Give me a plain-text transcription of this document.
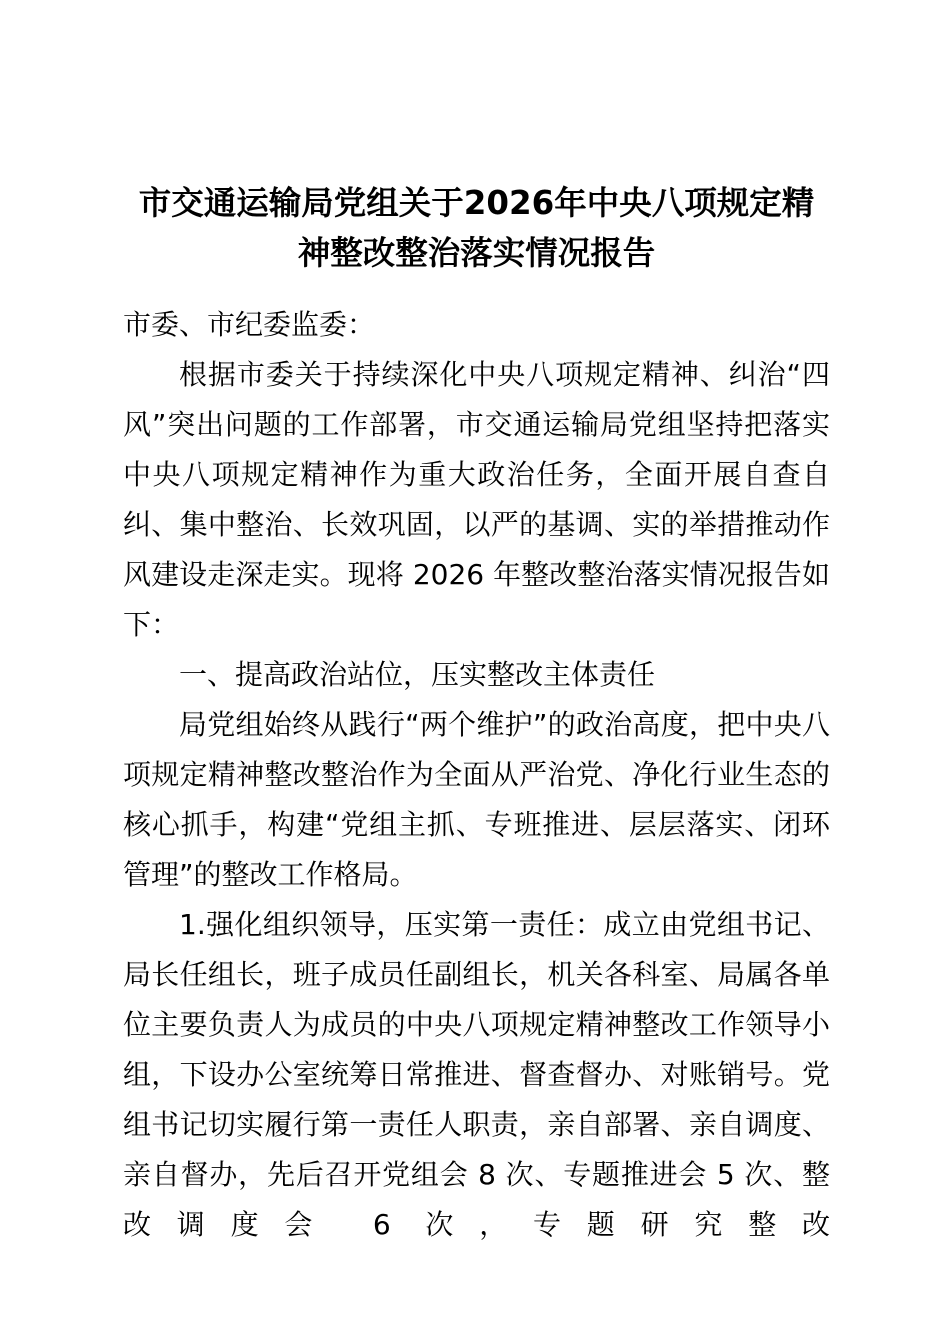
市交通运输局党组关于2026年中央八项规定精神整改整治落实情况报告
市委、市纪委监委：

根据市委关于持续深化中央八项规定精神、纠治“四风”突出问题的工作部署，市交通运输局党组坚持把落实中央八项规定精神作为重大政治任务，全面开展自查自纠、集中整治、长效巩固，以严的基调、实的举措推动作风建设走深走实。现将 2026 年整改整治落实情况报告如下：

一、提高政治站位，压实整改主体责任

局党组始终从践行“两个维护”的政治高度，把中央八项规定精神整改整治作为全面从严治党、净化行业生态的核心抓手，构建“党组主抓、专班推进、层层落实、闭环管理”的整改工作格局。

1.强化组织领导，压实第一责任：成立由党组书记、局长任组长，班子成员任副组长，机关各科室、局属各单位主要负责人为成员的中央八项规定精神整改工作领导小组，下设办公室统筹日常推进、督查督办、对账销号。党组书记切实履行第一责任人职责，亲自部署、亲自调度、亲自督办，先后召开党组会 8 次、专题推进会 5 次、整改调度会 6 次，专题研究整改
